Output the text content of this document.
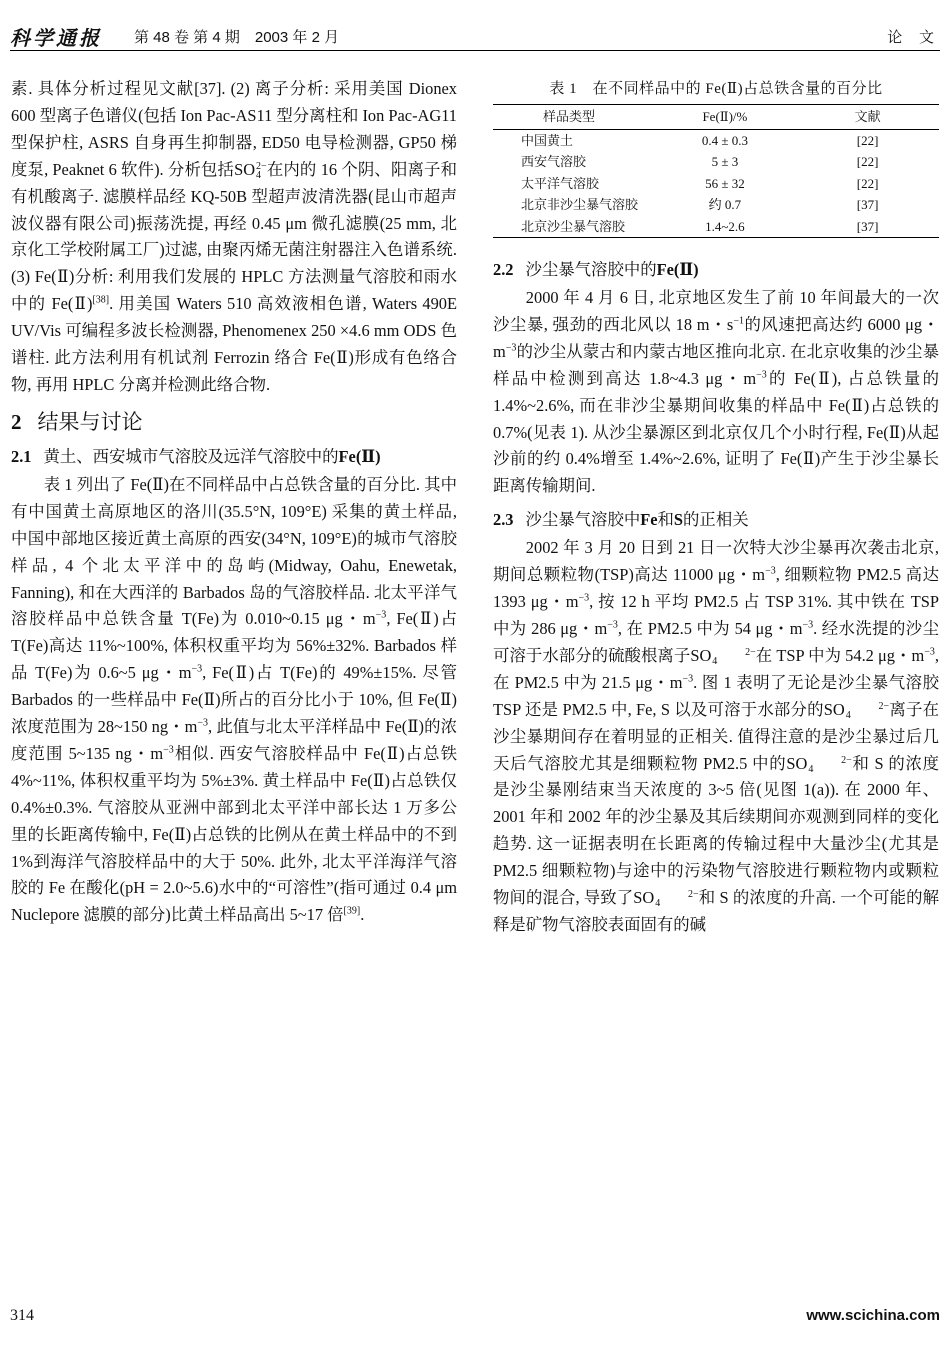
科学通报 第 48 卷 第 4 期　2003 年 2 月	论 文

素. 具体分析过程见文献[37]. (2) 离子分析: 采用美国 Dionex 600 型离子色谱仪(包括 Ion Pac-AS11 型分离柱和 Ion Pac-AG11 型保护柱, ASRS 自身再生抑制器, ED50 电导检测器, GP50 梯度泵, Peaknet 6 软件). 分析包括SO2−
4 在内的 16 个阴、阳离子和有机酸离子. 滤膜样品经 KQ-50B 型超声波清洗器(昆山市超声波仪器有限公司)振荡洗提, 再经 0.45 μm 微孔滤膜(25 mm, 北京化工学校附属工厂)过滤, 由聚丙烯无菌注射器注入色谱系统. (3) Fe(Ⅱ)分析: 利用我们发展的 HPLC 方法测量气溶胶和雨水中的 Fe(Ⅱ)[38]. 用美国 Waters 510 高效液相色谱, Waters 490E UV/Vis 可编程多波长检测器, Phenomenex 250 ×4.6 mm ODS 色谱柱. 此方法利用有机试剂 Ferrozin 络合 Fe(Ⅱ)形成有色络合物, 再用 HPLC 分离并检测此络合物.

2 结果与讨论
2.1 黄土、西安城市气溶胶及远洋气溶胶中的Fe(Ⅱ)

表 1 列出了 Fe(Ⅱ)在不同样品中占总铁含量的百分比. 其中有中国黄土高原地区的洛川(35.5°N, 109°E) 采集的黄土样品, 中国中部地区接近黄土高原的西安(34°N, 109°E)的城市气溶胶样品, 4 个北太平洋中的岛屿(Midway, Oahu, Enewetak, Fanning), 和在大西洋的 Barbados 岛的气溶胶样品. 北太平洋气溶胶样品中总铁含量 T(Fe)为 0.010~0.15 μg・$m^{-3}$, Fe(Ⅱ)占 T(Fe)高达 11%~100%, 体积权重平均为 56%±32%. Barbados 样品 T(Fe)为 0.6~5 μg・$m^{-3}$, Fe(Ⅱ)占 T(Fe)的 49%±15%. 尽管 Barbados 的一些样品中 Fe(Ⅱ)所占的百分比小于 10%, 但 Fe(Ⅱ)浓度范围为 28~150 ng・$m^{-3}$, 此值与北太平洋样品中 Fe(Ⅱ)的浓度范围 5~135 ng・$m^{-3}$相似. 西安气溶胶样品中 Fe(Ⅱ)占总铁 4%~11%, 体积权重平均为 5%±3%. 黄土样品中 Fe(Ⅱ)占总铁仅 0.4%±0.3%. 气溶胶从亚洲中部到北太平洋中部长达 1 万多公里的长距离传输中, Fe(Ⅱ)占总铁的比例从在黄土样品中的不到 1%到海洋气溶胶样品中的大于 50%. 此外, 北太平洋海洋气溶胶的 Fe 在酸化(pH = 2.0~5.6)水中的“可溶性”(指可通过 0.4 μm Nuclepore 滤膜的部分)比黄土样品高出 5~17 倍[39].

表 1　在不同样品中的 Fe(Ⅱ)占总铁含量的百分比
样品类型	Fe(Ⅱ)/%	文献
中国黄土	0.4 ± 0.3	[22]
西安气溶胶	5 ± 3	[22]
太平洋气溶胶	56 ± 32	[22]
北京非沙尘暴气溶胶	约 0.7	[37]
北京沙尘暴气溶胶	1.4~2.6	[37]
2.2 沙尘暴气溶胶中的Fe(Ⅱ)

2000 年 4 月 6 日, 北京地区发生了前 10 年间最大的一次沙尘暴, 强劲的西北风以 18 m・$s^{-1}$的风速把高达约 6000 μg・$m^{-3}$的沙尘从蒙古和内蒙古地区推向北京. 在北京收集的沙尘暴样品中检测到高达 1.8~4.3 μg・$m^{-3}$的 Fe(Ⅱ), 占总铁量的 1.4%~2.6%, 而在非沙尘暴期间收集的样品中 Fe(Ⅱ)占总铁的 0.7%(见表 1). 从沙尘暴源区到北京仅几个小时行程, Fe(Ⅱ)从起沙前的约 0.4%增至 1.4%~2.6%, 证明了 Fe(Ⅱ)产生于沙尘暴长距离传输期间.

2.3 沙尘暴气溶胶中Fe和S的正相关

2002 年 3 月 20 日到 21 日一次特大沙尘暴再次袭击北京, 期间总颗粒物(TSP)高达 11000 μg・$m^{-3}$, 细颗粒物 PM2.5 高达 1393 μg・$m^{-3}$, 按 12 h 平均 PM2.5 占 TSP 31%. 其中铁在 TSP 中为 286 μg・$m^{-3}$, 在 PM2.5 中为 54 μg・$m^{-3}$. 经水洗提的沙尘可溶于水部分的硫酸根离子SO	2−
4 在 TSP 中为 54.2 μg・$m^{-3}$, 在 PM2.5 中为 21.5 μg・$m^{-3}$. 图 1 表明了无论是沙尘暴气溶胶 TSP 还是 PM2.5 中, Fe, S 以及可溶于水部分的SO	2−
4 离子在沙尘暴期间存在着明显的正相关. 值得注意的是沙尘暴过后几天后气溶胶尤其是细颗粒物 PM2.5 中的SO	2−
4 和 S 的浓度是沙尘暴刚结束当天浓度的 3~5 倍(见图 1(a)). 在 2000 年、2001 年和 2002 年的沙尘暴及其后续期间亦观测到同样的变化趋势. 这一证据表明在长距离的传输过程中大量沙尘(尤其是 PM2.5 细颗粒物)与途中的污染物气溶胶进行颗粒物内或颗粒物间的混合, 导致了SO	2−
4 和 S 的浓度的升高. 一个可能的解释是矿物气溶胶表面固有的碱

314	www.scichina.com
